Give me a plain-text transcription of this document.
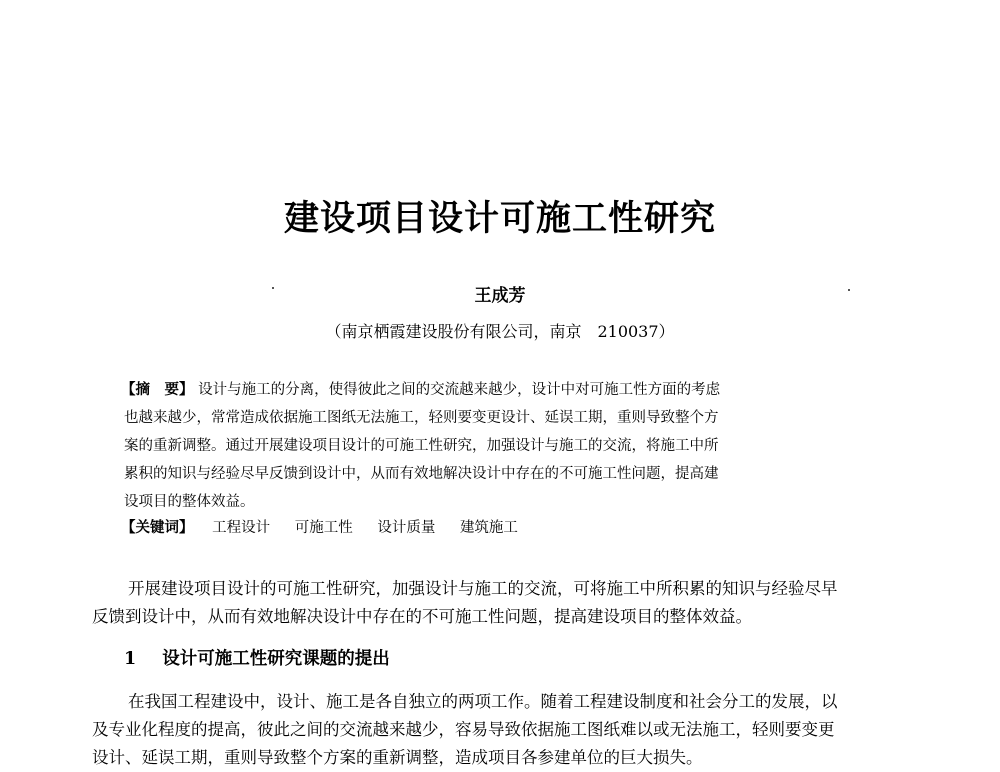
建设项目设计可施工性研究
王成芳
（南京栖霞建设股份有限公司，南京　210037）
【摘　要】 设计与施工的分离，使得彼此之间的交流越来越少，设计中对可施工性方面的考虑
也越来越少，常常造成依据施工图纸无法施工，轻则要变更设计、延误工期，重则导致整个方
案的重新调整。通过开展建设项目设计的可施工性研究，加强设计与施工的交流，将施工中所
累积的知识与经验尽早反馈到设计中，从而有效地解决设计中存在的不可施工性问题，提高建
设项目的整体效益。
【关键词】 工程设计 可施工性 设计质量 建筑施工
开展建设项目设计的可施工性研究，加强设计与施工的交流，可将施工中所积累的知识与经验尽早
反馈到设计中，从而有效地解决设计中存在的不可施工性问题，提高建设项目的整体效益。
1 设计可施工性研究课题的提出
在我国工程建设中，设计、施工是各自独立的两项工作。随着工程建设制度和社会分工的发展，以
及专业化程度的提高，彼此之间的交流越来越少，容易导致依据施工图纸难以或无法施工，轻则要变更
设计、延误工期，重则导致整个方案的重新调整，造成项目各参建单位的巨大损失。
